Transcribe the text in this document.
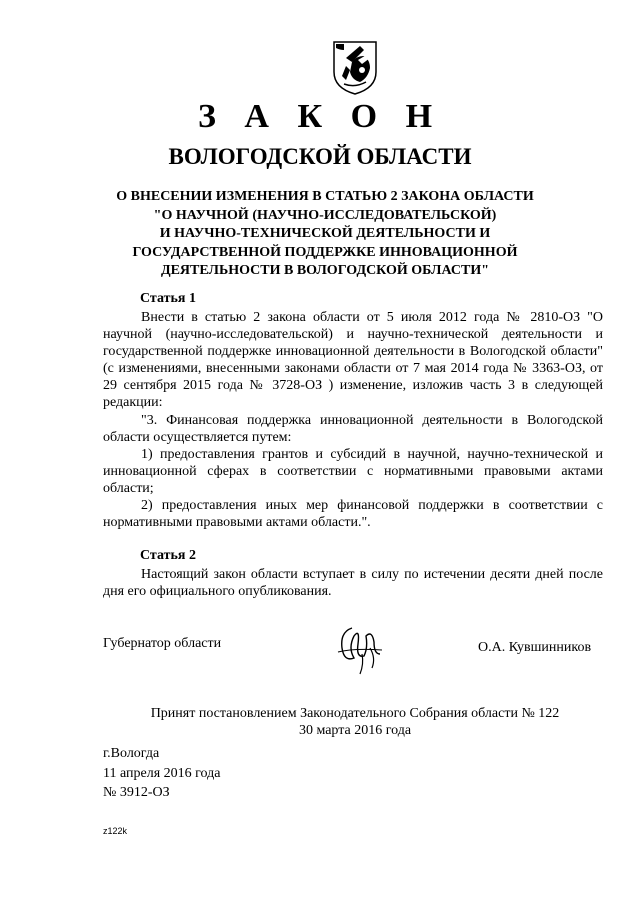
З А К О Н
ВОЛОГОДСКОЙ ОБЛАСТИ
О ВНЕСЕНИИ ИЗМЕНЕНИЯ В СТАТЬЮ 2 ЗАКОНА ОБЛАСТИ
"О НАУЧНОЙ (НАУЧНО-ИССЛЕДОВАТЕЛЬСКОЙ)
И НАУЧНО-ТЕХНИЧЕСКОЙ ДЕЯТЕЛЬНОСТИ И
ГОСУДАРСТВЕННОЙ ПОДДЕРЖКЕ ИННОВАЦИОННОЙ
ДЕЯТЕЛЬНОСТИ В ВОЛОГОДСКОЙ ОБЛАСТИ"
Статья 1

Внести в статью 2 закона области от 5 июля 2012 года № 2810-ОЗ "О научной (научно-исследовательской) и научно-технической деятельности и государственной поддержке инновационной деятельности в Вологодской области" (с изменениями, внесенными законами области от 7 мая 2014 года № 3363-ОЗ, от 29 сентября 2015 года № 3728-ОЗ ) изменение, изложив часть 3 в следующей редакции:

"3. Финансовая поддержка инновационной деятельности в Вологодской области осуществляется путем:

1) предоставления грантов и субсидий в научной, научно-технической и инновационной сферах в соответствии с нормативными правовыми актами области;

2) предоставления иных мер финансовой поддержки в соответствии с нормативными правовыми актами области.".

Статья 2

Настоящий закон области вступает в силу по истечении десяти дней после дня его официального опубликования.

Губернатор области	О.А. Кувшинников
Принят постановлением Законодательного Собрания области № 122
30 марта 2016 года
г.Вологда
11 апреля 2016 года
№ 3912-ОЗ
z122k
